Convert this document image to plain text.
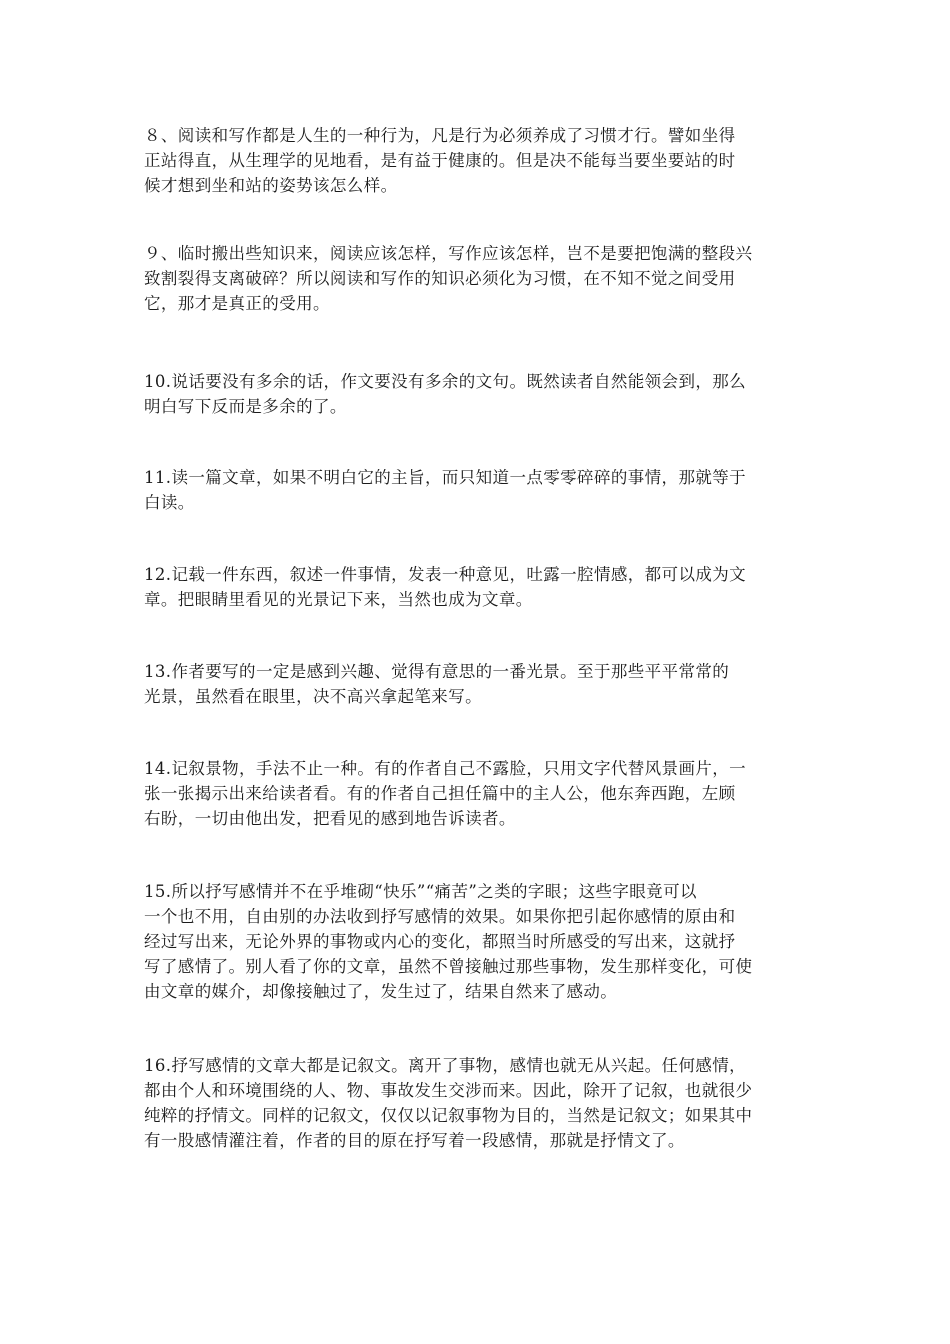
８、阅读和写作都是人生的一种行为，凡是行为必须养成了习惯才行。譬如坐得
正站得直，从生理学的见地看，是有益于健康的。但是决不能每当要坐要站的时
候才想到坐和站的姿势该怎么样。

９、临时搬出些知识来，阅读应该怎样，写作应该怎样，岂不是要把饱满的整段兴
致割裂得支离破碎？所以阅读和写作的知识必须化为习惯，在不知不觉之间受用
它，那才是真正的受用。

10.说话要没有多余的话，作文要没有多余的文句。既然读者自然能领会到，那么
明白写下反而是多余的了。

11.读一篇文章，如果不明白它的主旨，而只知道一点零零碎碎的事情，那就等于
白读。

12.记载一件东西，叙述一件事情，发表一种意见，吐露一腔情感，都可以成为文
章。把眼睛里看见的光景记下来，当然也成为文章。

13.作者要写的一定是感到兴趣、觉得有意思的一番光景。至于那些平平常常的
光景，虽然看在眼里，决不高兴拿起笔来写。

14.记叙景物，手法不止一种。有的作者自己不露脸，只用文字代替风景画片，一
张一张揭示出来给读者看。有的作者自己担任篇中的主人公，他东奔西跑，左顾
右盼，一切由他出发，把看见的感到地告诉读者。

15.所以抒写感情并不在乎堆砌“快乐”“痛苦”之类的字眼；这些字眼竟可以
一个也不用，自由别的办法收到抒写感情的效果。如果你把引起你感情的原由和
经过写出来，无论外界的事物或内心的变化，都照当时所感受的写出来，这就抒
写了感情了。别人看了你的文章，虽然不曾接触过那些事物，发生那样变化，可使
由文章的媒介，却像接触过了，发生过了，结果自然来了感动。

16.抒写感情的文章大都是记叙文。离开了事物，感情也就无从兴起。任何感情，
都由个人和环境围绕的人、物、事故发生交涉而来。因此，除开了记叙，也就很少
纯粹的抒情文。同样的记叙文，仅仅以记叙事物为目的，当然是记叙文；如果其中
有一股感情灌注着，作者的目的原在抒写着一段感情，那就是抒情文了。
